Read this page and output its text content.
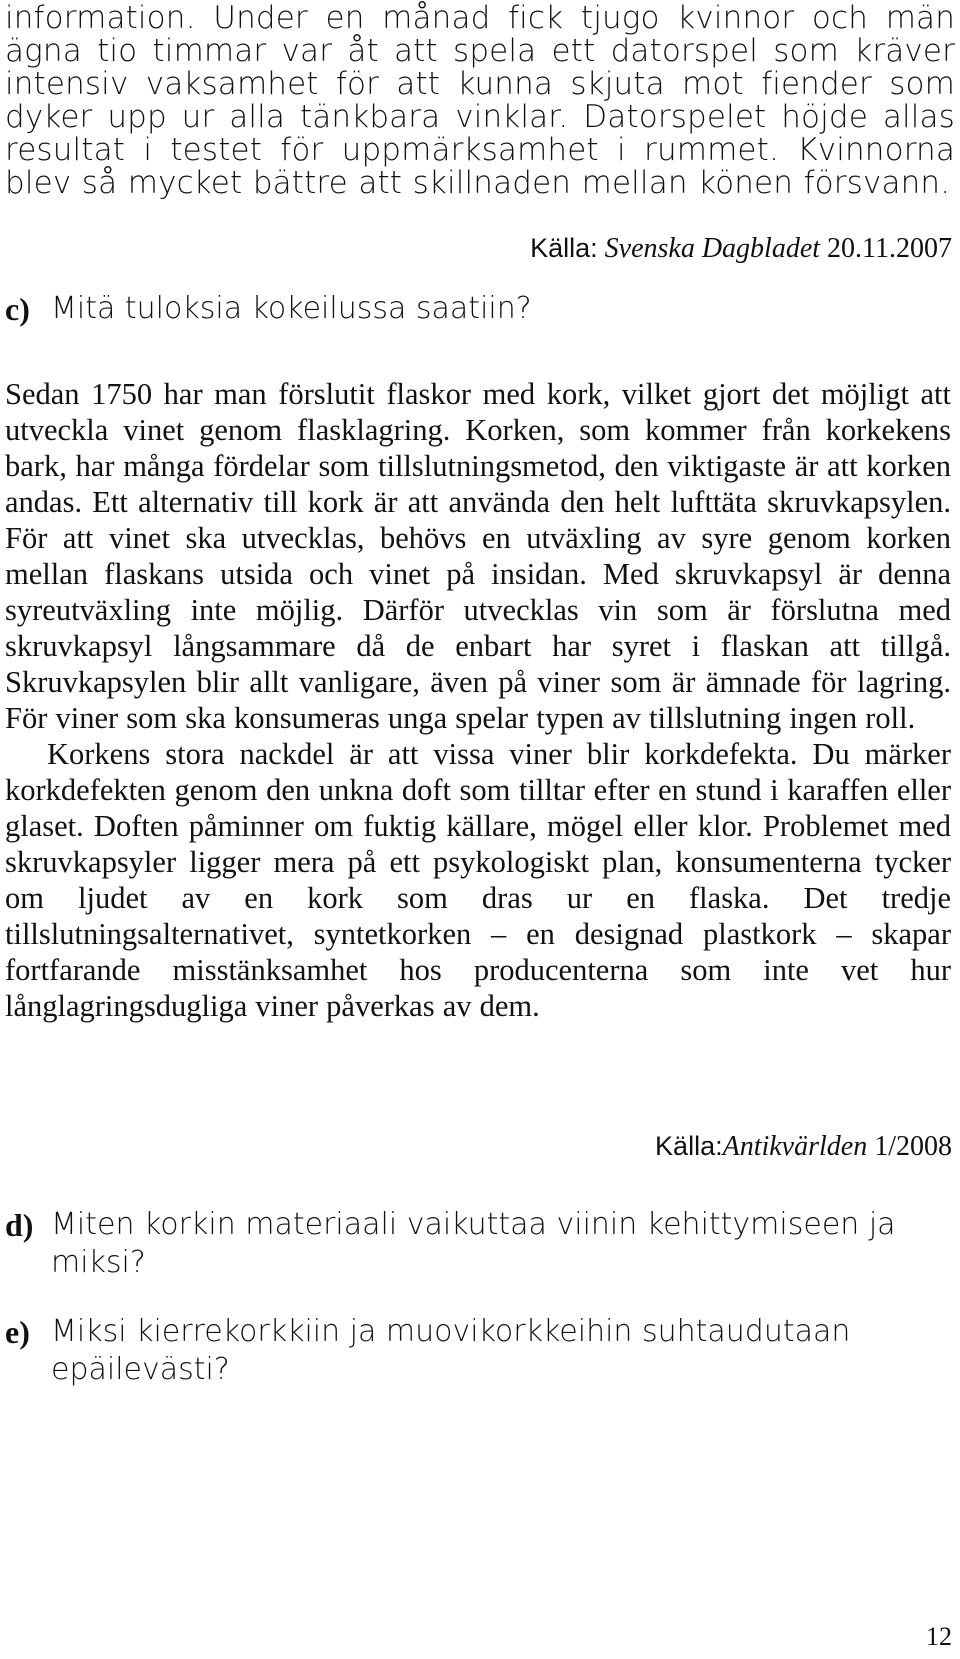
information. Under en månad fick tjugo kvinnor och män ägna tio timmar var åt att spela ett datorspel som kräver intensiv vaksamhet för att kunna skjuta mot fiender som dyker upp ur alla tänkbara vinklar. Datorspelet höjde allas resultat i testet för uppmärksamhet i rummet. Kvinnorna blev så mycket bättre att skillnaden mellan könen försvann.

Källa: Svenska Dagbladet 20.11.2007
c) Mitä tuloksia kokeilussa saatiin?

Sedan 1750 har man förslutit flaskor med kork, vilket gjort det möjligt att utveckla vinet genom flasklagring. Korken, som kommer från korkekens bark, har många fördelar som tillslutningsmetod, den viktigaste är att korken andas. Ett alternativ till kork är att använda den helt lufttäta skruvkapsylen. För att vinet ska utvecklas, behövs en utväxling av syre genom korken mellan flaskans utsida och vinet på insidan. Med skruvkapsyl är denna syreutväxling inte möjlig. Därför utvecklas vin som är förslutna med skruvkapsyl långsammare då de enbart har syret i flaskan att tillgå. Skruvkapsylen blir allt vanligare, även på viner som är ämnade för lagring. För viner som ska konsumeras unga spelar typen av tillslutning ingen roll.

Korkens stora nackdel är att vissa viner blir korkdefekta. Du märker korkdefekten genom den unkna doft som tilltar efter en stund i karaffen eller glaset. Doften påminner om fuktig källare, mögel eller klor. Problemet med skruvkapsyler ligger mera på ett psykologiskt plan, konsumenterna tycker om ljudet av en kork som dras ur en flaska. Det tredje tillslutningsalternativet, syntetkorken – en designad plastkork – skapar fortfarande misstänksamhet hos producenterna som inte vet hur långlagringsdugliga viner påverkas av dem.

Källa:Antikvärlden 1/2008
d) Miten korkin materiaali vaikuttaa viinin kehittymiseen ja miksi?
e) Miksi kierrekorkkiin ja muovikorkkeihin suhtaudutaan epäilevästi?
12
